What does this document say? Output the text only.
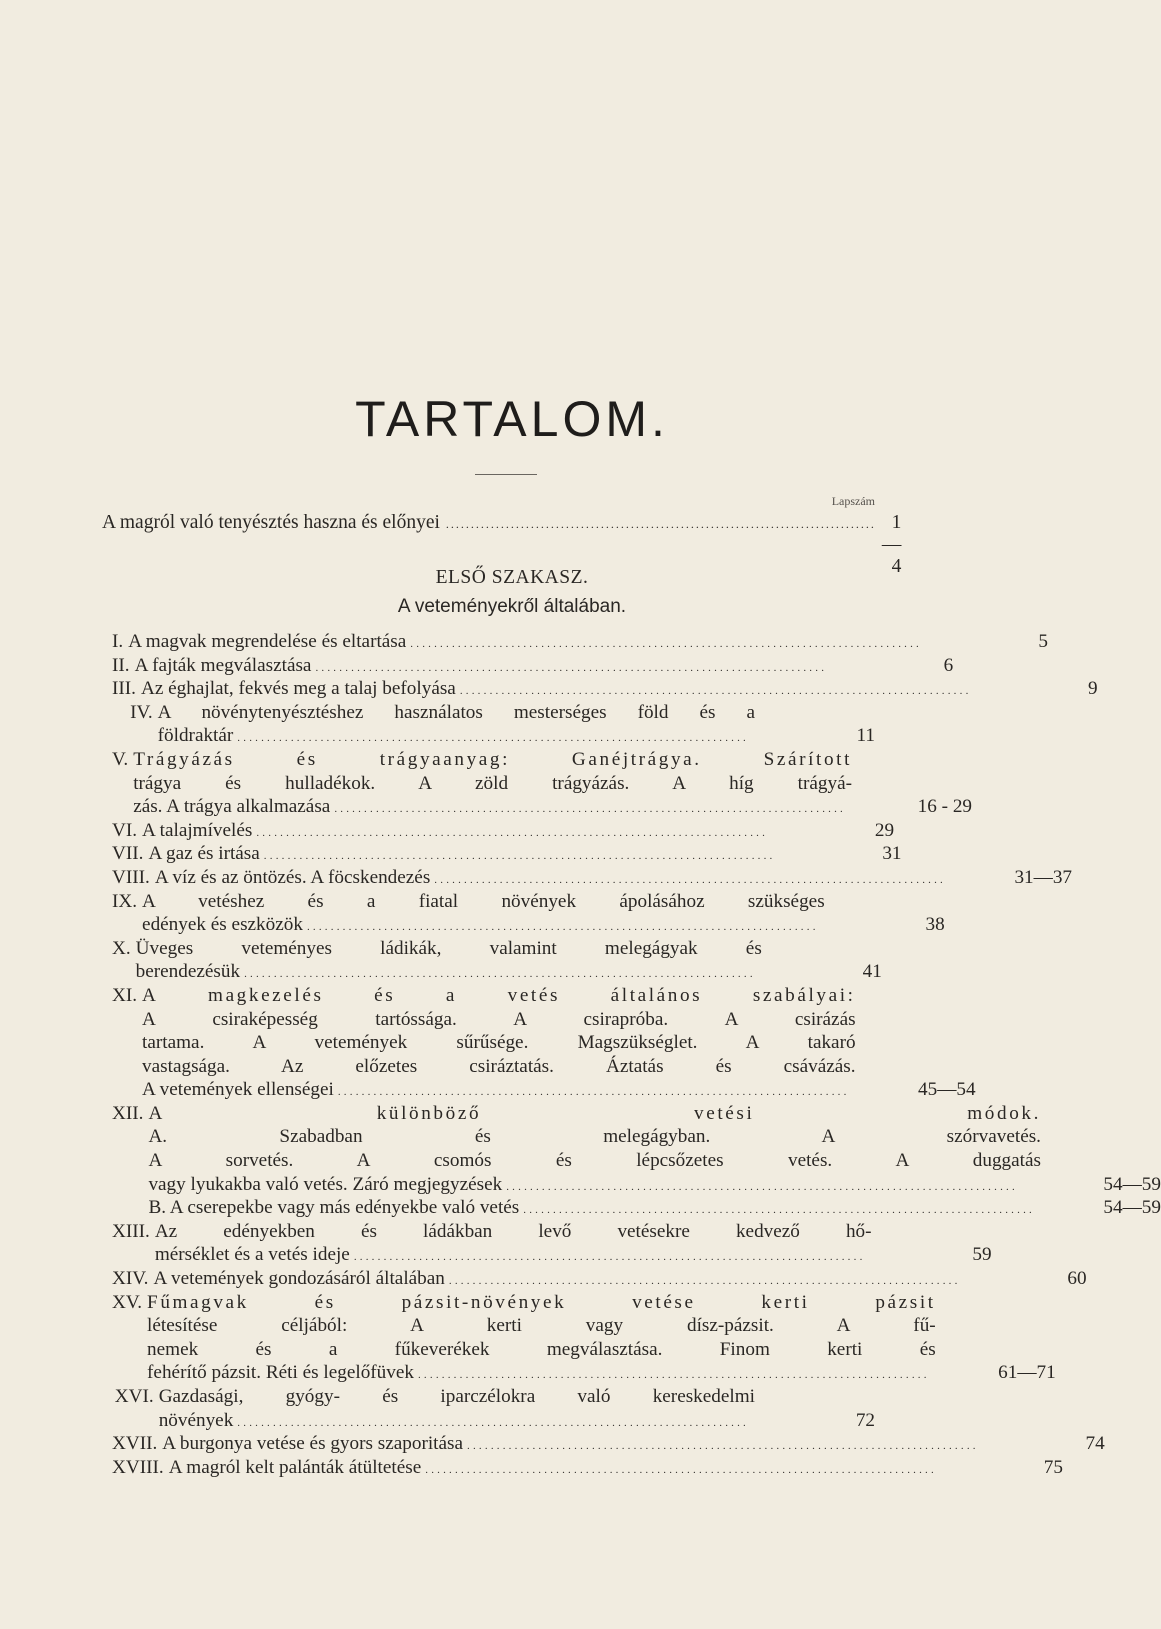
TARTALOM.
Lapszám
A magról való tenyésztés haszna és előnyei ...................................................................................... 1—4
ELSŐ SZAKASZ.
A veteményekről általában.
I. A magvak megrendelése és eltartása ......................................................................................	5
II. A fajták megválasztása ......................................................................................	6
III. Az éghajlat, fekvés meg a talaj befolyása ......................................................................................	9
IV. A növénytenyésztéshez használatos mesterséges föld és a
földraktár ......................................................................................	11
V. Trágyázás és trágyaanyag: Ganéjtrágya. Szárított
trágya és hulladékok. A zöld trágyázás. A híg trágyá-
zás. A trágya alkalmazása ......................................................................................	16 - 29
VI. A talajmívelés ......................................................................................	29
VII. A gaz és irtása ......................................................................................	31
VIII. A víz és az öntözés. A föcskendezés ......................................................................................	31—37
IX. A vetéshez és a fiatal növények ápolásához szükséges
edények és eszközök ......................................................................................	38
X. Üveges veteményes ládikák, valamint melegágyak és
berendezésük ......................................................................................	41
XI. A magkezelés és a vetés általános szabályai:
A csiraképesség tartóssága. A csirapróba. A csirázás
tartama. A vetemények sűrűsége. Magszükséglet. A takaró
vastagsága. Az előzetes csiráztatás. Áztatás és csávázás.
A vetemények ellenségei ......................................................................................	45—54
XII. A különböző vetési módok.
A. Szabadban és melegágyban. A szórvavetés.
A sorvetés. A csomós és lépcsőzetes vetés. A duggatás
vagy lyukakba való vetés. Záró megjegyzések ......................................................................................	54—59
B. A cserepekbe vagy más edényekbe való vetés ......................................................................................	54—59
XIII. Az edényekben és ládákban levő vetésekre kedvező hő-
mérséklet és a vetés ideje ......................................................................................	59
XIV. A vetemények gondozásáról általában ......................................................................................	60
XV. Fűmagvak és pázsit-növények vetése kerti pázsit
létesítése céljából: A kerti vagy dísz-pázsit. A fű-
nemek és a fűkeverékek megválasztása. Finom kerti és
fehérítő pázsit. Réti és legelőfüvek ......................................................................................	61—71
XVI. Gazdasági, gyógy- és iparczélokra való kereskedelmi
növények ......................................................................................	72
XVII. A burgonya vetése és gyors szaporitása ......................................................................................	74
XVIII. A magról kelt palánták átültetése ......................................................................................	75
